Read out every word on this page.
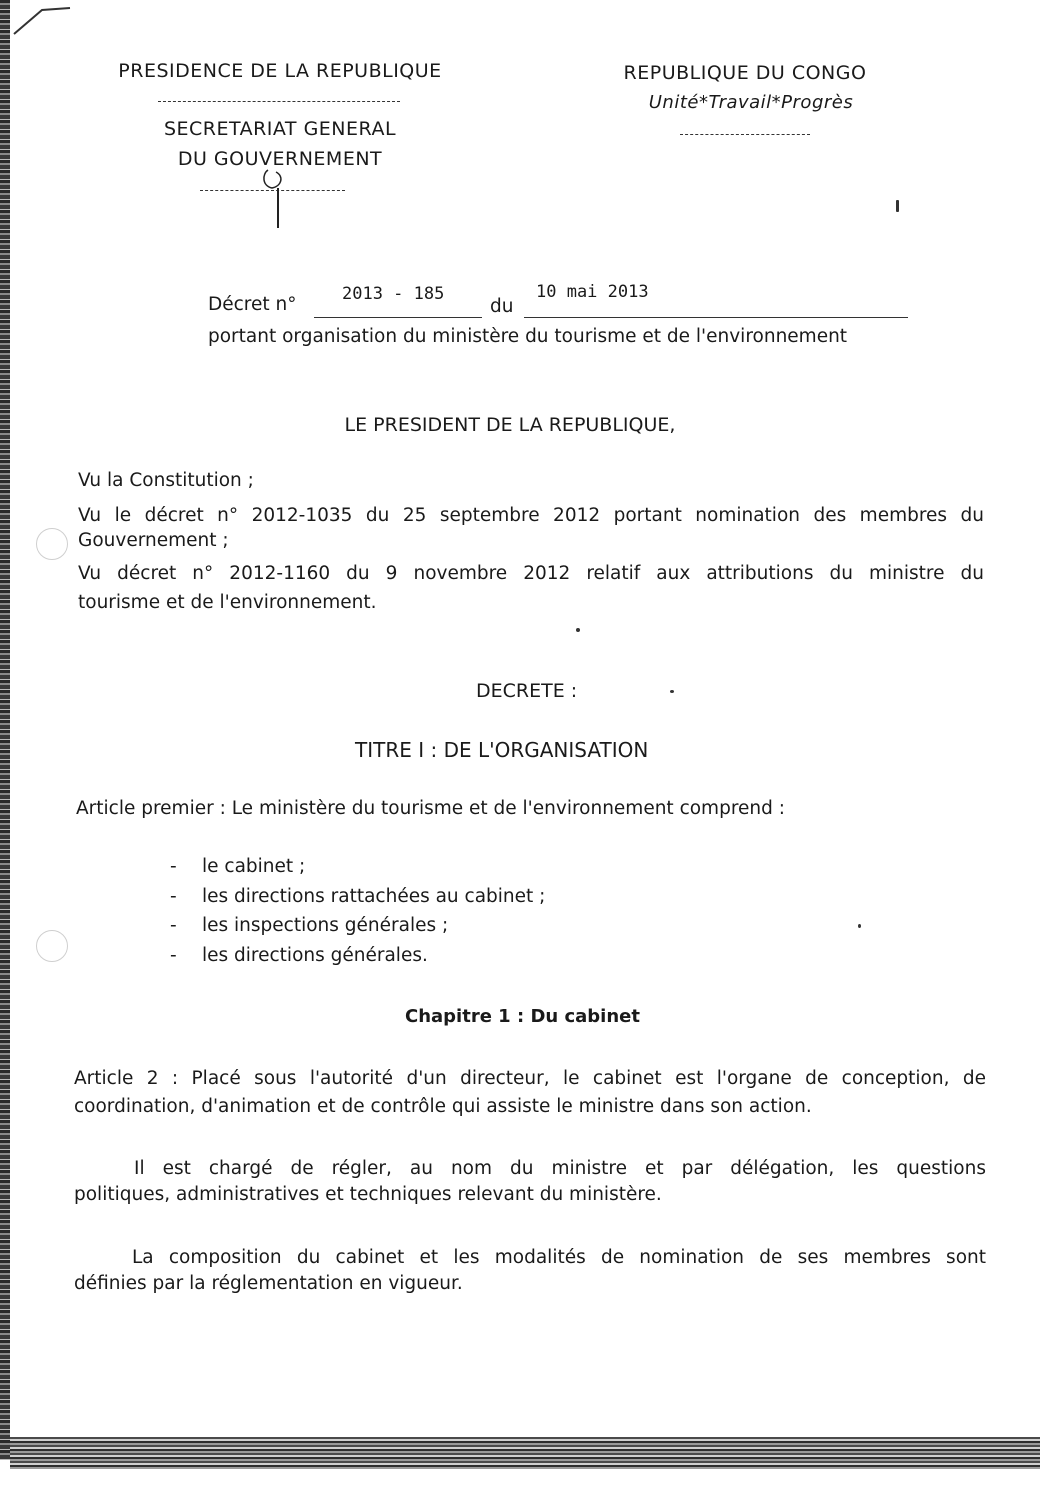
PRESIDENCE DE LA REPUBLIQUE
SECRETARIAT GENERAL
DU GOUVERNEMENT
REPUBLIQUE DU CONGO
Unité*Travail*Progrès
Décret n°	2013 - 185
du
10 mai 2013
portant organisation du ministère du tourisme et de l'environnement
LE PRESIDENT DE LA REPUBLIQUE,
Vu la Constitution ;
Vu le décret n° 2012-1035 du 25 septembre 2012 portant nomination des membres du
Gouvernement ;
Vu décret n° 2012-1160 du 9 novembre 2012 relatif aux attributions du ministre du
tourisme et de l'environnement.
DECRETE :
TITRE I : DE L'ORGANISATION
Article premier : Le ministère du tourisme et de l'environnement comprend :
- le cabinet ;
- les directions rattachées au cabinet ;
- les inspections générales ;
- les directions générales.
Chapitre 1 : Du cabinet
Article 2 : Placé sous l'autorité d'un directeur, le cabinet est l'organe de conception, de
coordination, d'animation et de contrôle qui assiste le ministre dans son action.
Il est chargé de régler, au nom du ministre et par délégation, les questions
politiques, administratives et techniques relevant du ministère.
La composition du cabinet et les modalités de nomination de ses membres sont
définies par la réglementation en vigueur.
